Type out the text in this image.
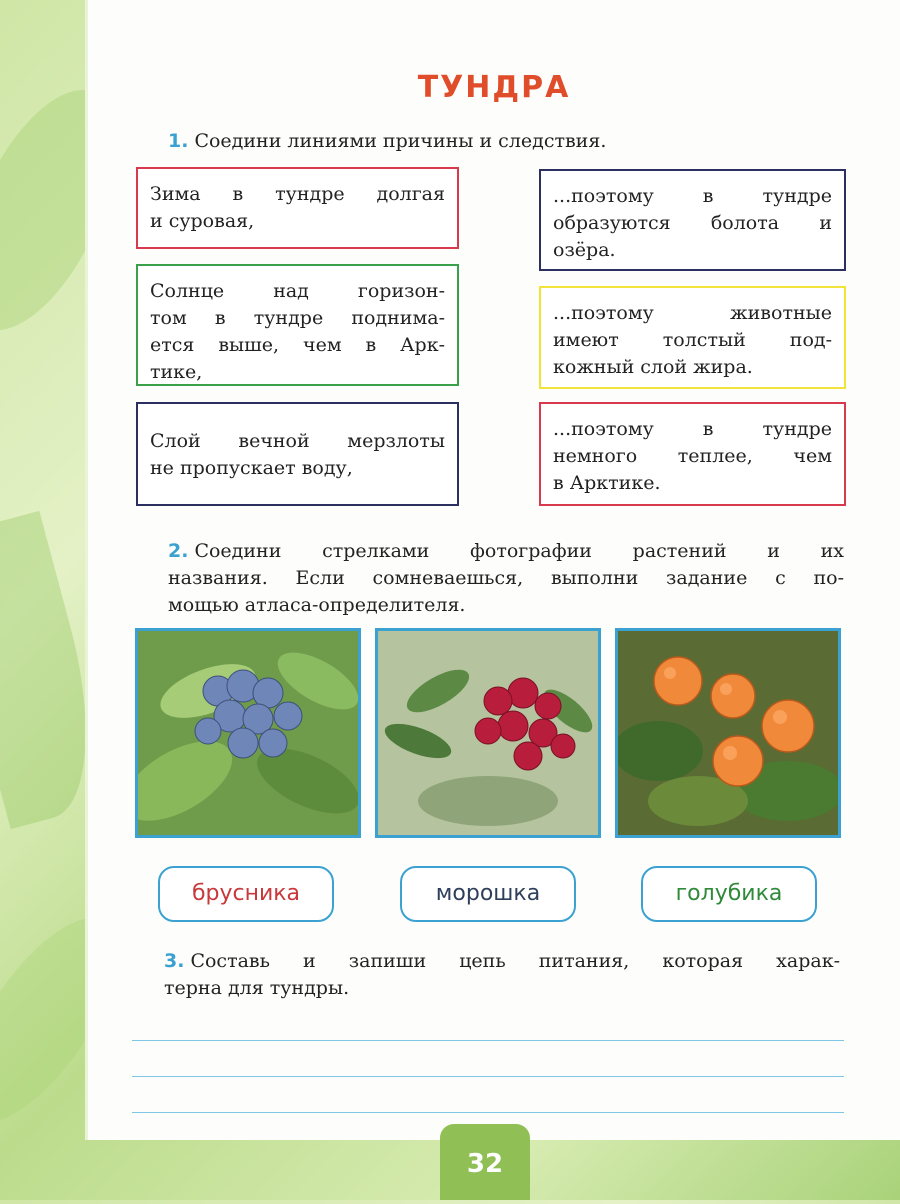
ТУНДРА
1. Соедини линиями причины и следствия.
2. Соедини стрелками фотографии растений и их
названия. Если сомневаешься, выполни задание с по-
мощью атласа-определителя.
брусника	морошка	голубика
3. Составь и запиши цепь питания, которая харак-
терна для тундры.
Зима в тундре долгая
и суровая,
Солнце над горизон-
том в тундре поднима-
ется выше, чем в Арк-
тике,
Слой вечной мерзлоты
не пропускает воду,
...поэтому в тундре
образуются болота и
озёра.
...поэтому животные
имеют толстый под-
кожный слой жира.
...поэтому в тундре
немного теплее, чем
в Арктике.
32
